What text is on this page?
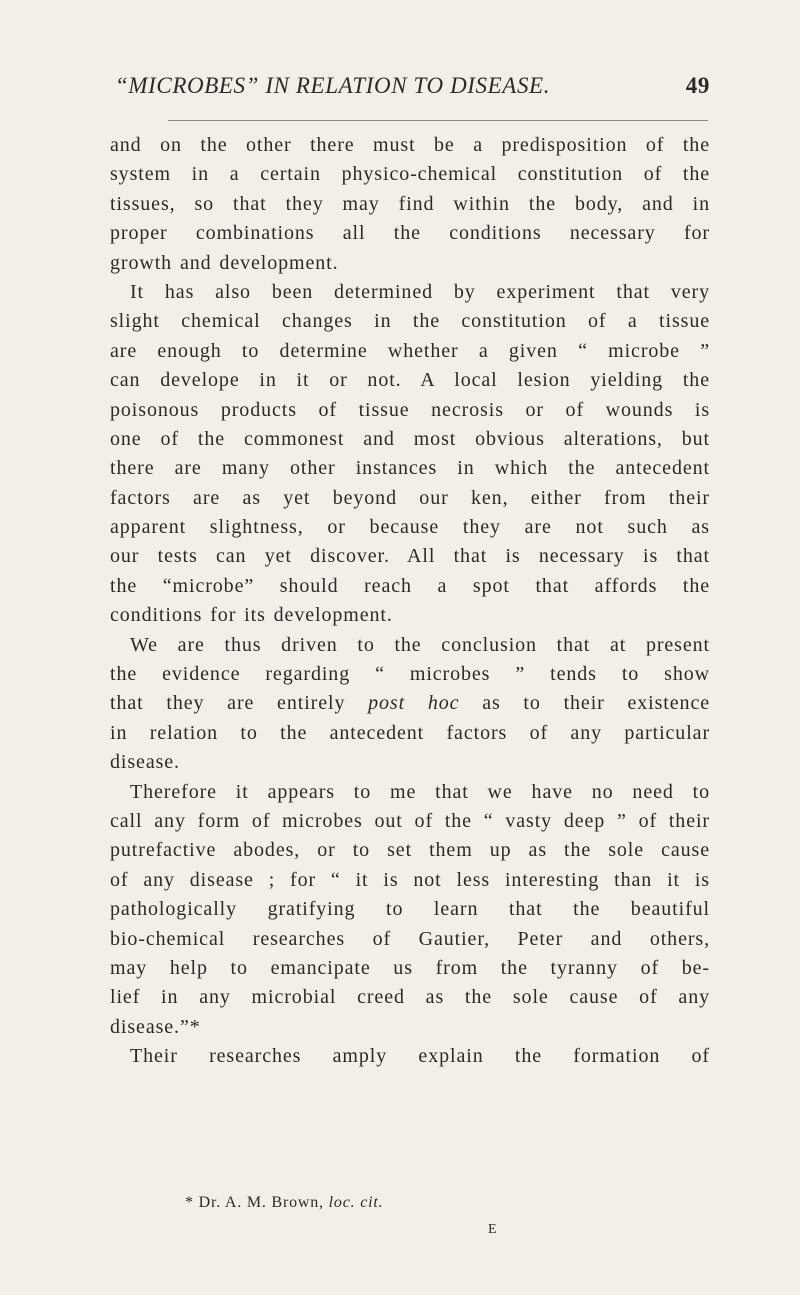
“MICROBES” IN RELATION TO DISEASE.	49
and on the other there must be a predisposition of the
system in a certain physico-chemical constitution of the
tissues, so that they may find within the body, and in
proper combinations all the conditions necessary for
growth and development.
It has also been determined by experiment that very
slight chemical changes in the constitution of a tissue
are enough to determine whether a given “ microbe ”
can develope in it or not. A local lesion yielding the
poisonous products of tissue necrosis or of wounds is
one of the commonest and most obvious alterations, but
there are many other instances in which the antecedent
factors are as yet beyond our ken, either from their
apparent slightness, or because they are not such as
our tests can yet discover. All that is necessary is that
the “microbe” should reach a spot that affords the
conditions for its development.
We are thus driven to the conclusion that at present
the evidence regarding “ microbes ” tends to show
that they are entirely post hoc as to their existence
in relation to the antecedent factors of any particular
disease.
Therefore it appears to me that we have no need to
call any form of microbes out of the “ vasty deep ” of their
putrefactive abodes, or to set them up as the sole cause
of any disease ; for “ it is not less interesting than it is
pathologically gratifying to learn that the beautiful
bio-chemical researches of Gautier, Peter and others,
may help to emancipate us from the tyranny of be-
lief in any microbial creed as the sole cause of any
disease.”*
Their researches amply explain the formation of
* Dr. A. M. Brown, loc. cit.
E
